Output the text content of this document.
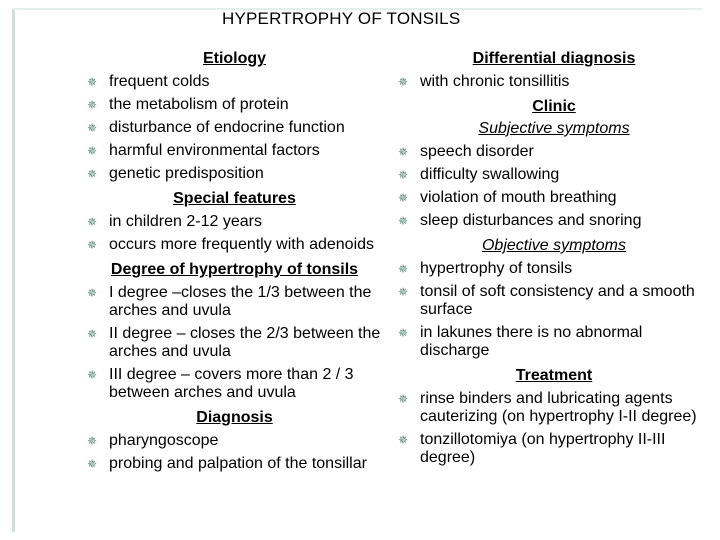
HYPERTROPHY OF TONSILS
Etiology
✵ frequent colds
✵ the metabolism of protein
✵ disturbance of endocrine function
✵ harmful environmental factors
✵ genetic predisposition
Special features
✵ in children 2-12 years
✵ occurs more frequently with adenoids
Degree of hypertrophy of tonsils
✵ I degree –closes the 1/3 between the arches and uvula
✵ II degree – closes the 2/3 between the arches and uvula
✵ III degree – covers more than 2 / 3 between arches and uvula
Diagnosis
✵ pharyngoscope
✵ probing and palpation of the tonsillar
Differential diagnosis
✵ with chronic tonsillitis
Clinic
Subjective symptoms
✵ speech disorder
✵ difficulty swallowing
✵ violation of mouth breathing
✵ sleep disturbances and snoring
Objective symptoms
✵ hypertrophy of tonsils
✵ tonsil of soft consistency and a smooth surface
✵ in lakunes there is no abnormal discharge
Treatment
✵ rinse binders and lubricating agents cauterizing (on hypertrophy I-II degree)
✵ tonzillotomiya (on hypertrophy II-III degree)
